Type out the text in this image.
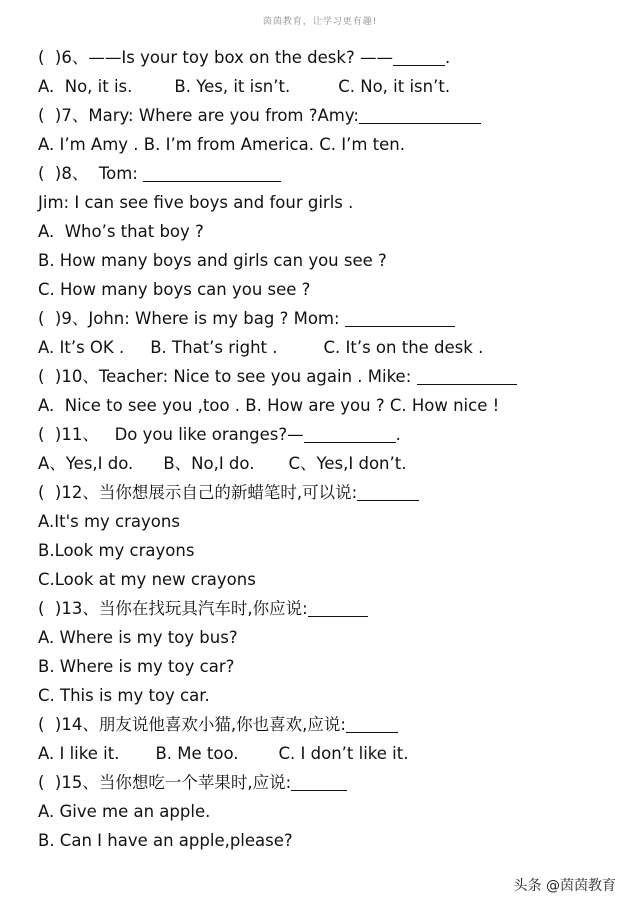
茵茵教育，让学习更有趣!
(  )6、——Is your toy box on the desk? ——	.
A.  No, it is.	B. Yes, it isn’t.	C. No, it isn’t.
(  )7、Mary: Where are you from ?Amy:
A. I’m Amy . B. I’m from America. C. I’m ten.
(  )8、  Tom:
Jim: I can see five boys and four girls .
A.  Who’s that boy ?
B. How many boys and girls can you see ?
C. How many boys can you see ?
(  )9、John: Where is my bag ? Mom:
A. It’s OK . B. That’s right .	C. It’s on the desk .
(  )10、Teacher: Nice to see you again . Mike:
A.  Nice to see you ,too . B. How are you ? C. How nice !
(  )11、   Do you like oranges?—	.
A、Yes,I do. B、No,I do. C、Yes,I don’t.
(  )12、当你想展示自己的新蜡笔时,可以说:
A.It's my crayons
B.Look my crayons
C.Look at my new crayons
(  )13、当你在找玩具汽车时,你应说:
A. Where is my toy bus?
B. Where is my toy car?
C. This is my toy car.
(  )14、朋友说他喜欢小猫,你也喜欢,应说:
A. I like it. B. Me too. C. I don’t like it.
(  )15、当你想吃一个苹果时,应说:
A. Give me an apple.
B. Can I have an apple,please?
头条 @茵茵教育
